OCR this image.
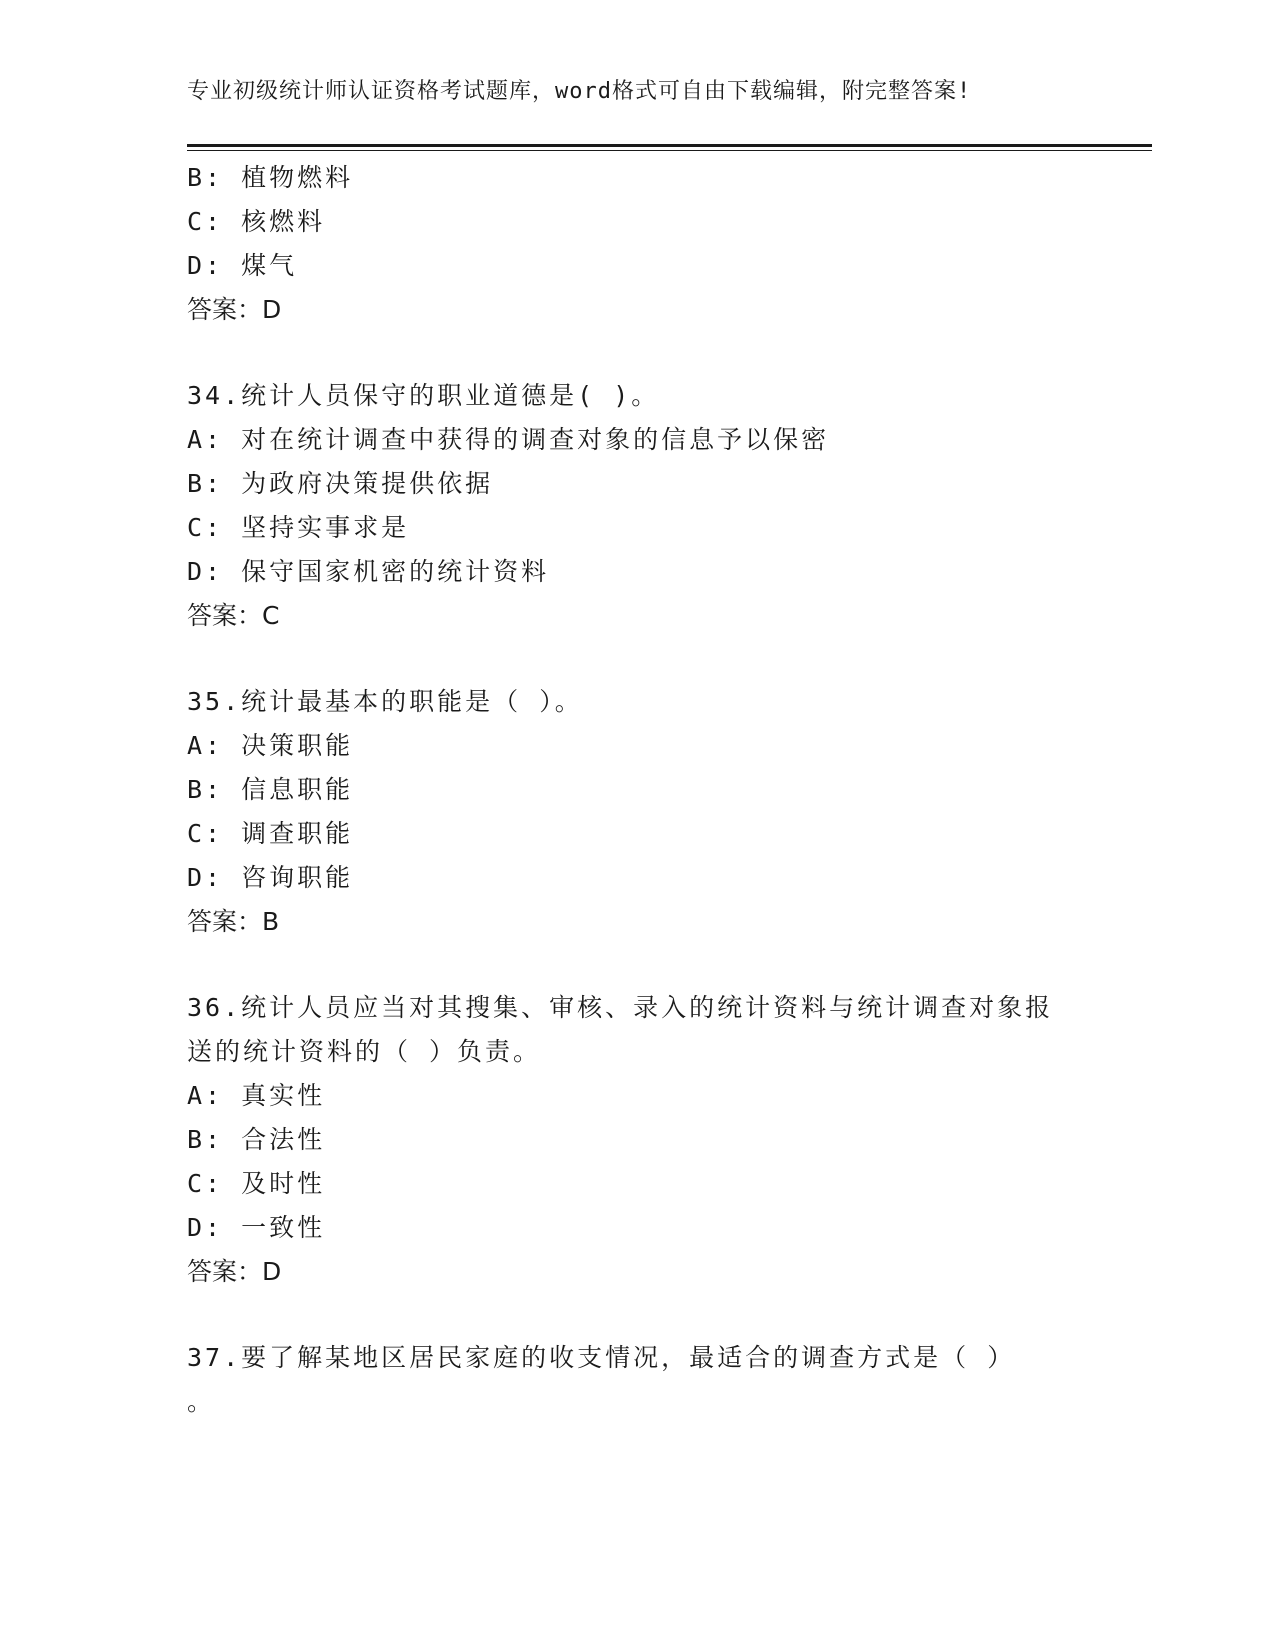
专业初级统计师认证资格考试题库，word格式可自由下载编辑，附完整答案!
B: 植物燃料
C: 核燃料
D: 煤气
答案：D
34.统计人员保守的职业道德是( )。
A: 对在统计调查中获得的调查对象的信息予以保密
B: 为政府决策提供依据
C: 坚持实事求是
D: 保守国家机密的统计资料
答案：C
35.统计最基本的职能是（ ）。
A: 决策职能
B: 信息职能
C: 调查职能
D: 咨询职能
答案：B
36.统计人员应当对其搜集、审核、录入的统计资料与统计调查对象报
送的统计资料的（ ）负责。
A: 真实性
B: 合法性
C: 及时性
D: 一致性
答案：D
37.要了解某地区居民家庭的收支情况，最适合的调查方式是（ ）
。
